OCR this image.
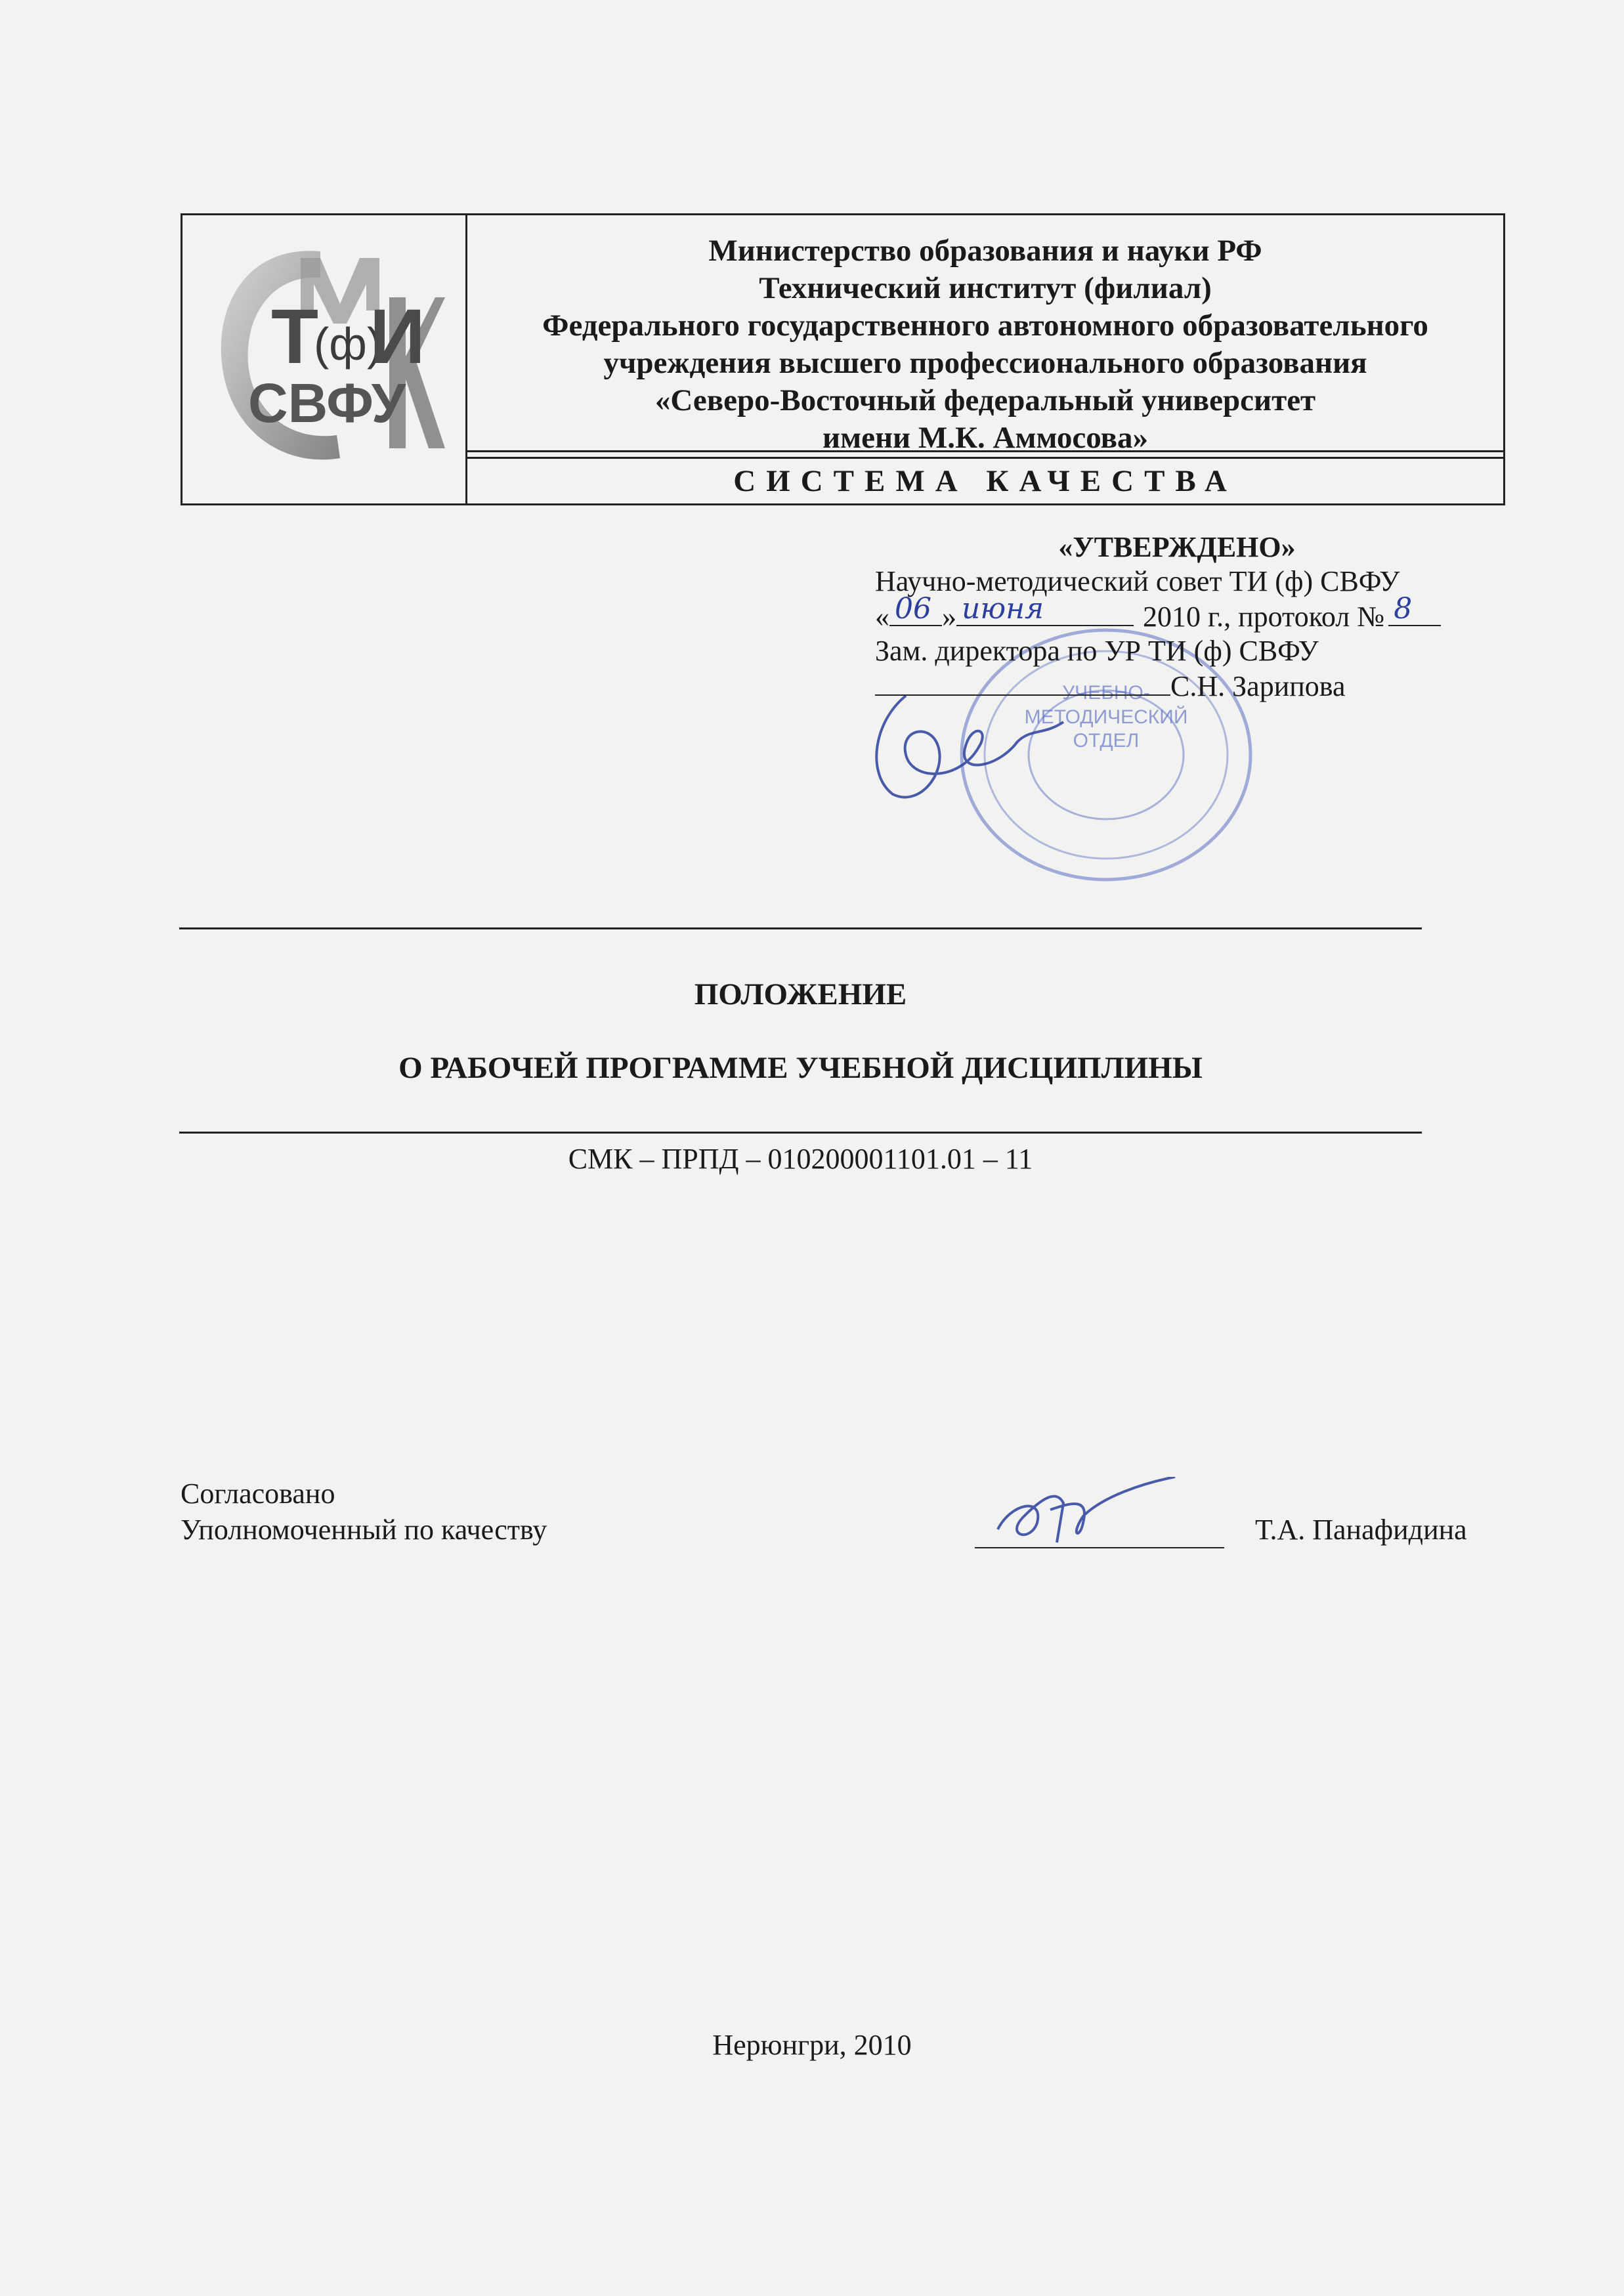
Т
(ф)
И
СВФУ
Министерство образования и науки РФ
Технический институт (филиал)
Федерального государственного автономного образовательного
учреждения высшего профессионального образования
«Северо-Восточный федеральный университет
имени М.К. Аммосова»
СИСТЕМА КАЧЕСТВА
УЧЕБНО-
МЕТОДИЧЕСКИЙ
ОТДЕЛ
«УТВЕРЖДЕНО»
Научно-методический совет ТИ (ф) СВФУ
« 06 » июня	2010 г., протокол № 8
Зам. директора по УР ТИ (ф) СВФУ
С.Н. Зарипова
ПОЛОЖЕНИЕ
О РАБОЧЕЙ ПРОГРАММЕ УЧЕБНОЙ ДИСЦИПЛИНЫ
СМК – ПРПД – 010200001101.01 – 11
Согласовано
Уполномоченный по качеству	Т.А. Панафидина
Нерюнгри, 2010
